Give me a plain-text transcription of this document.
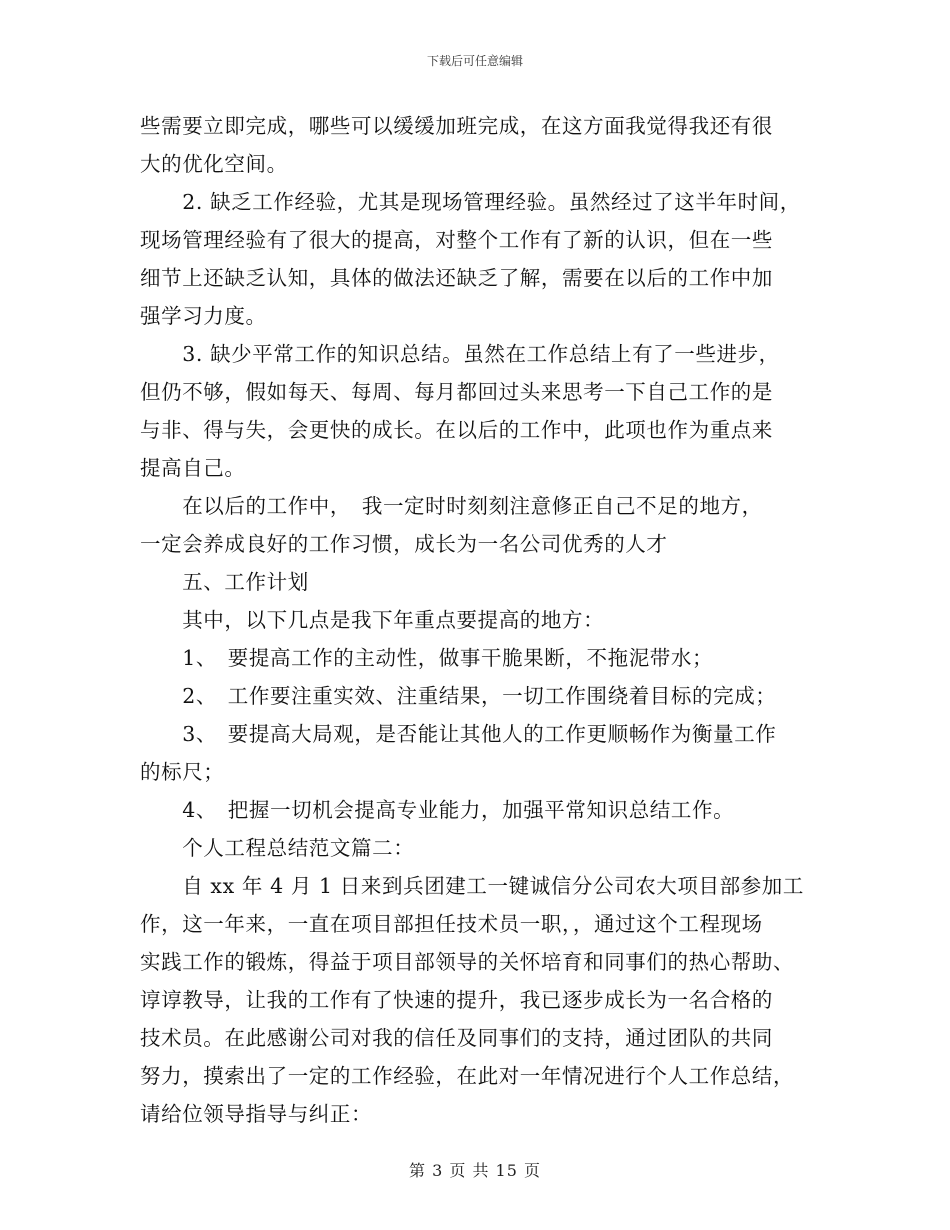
下载后可任意编辑
些需要立即完成，哪些可以缓缓加班完成，在这方面我觉得我还有很
大的优化空间。
　　2. 缺乏工作经验，尤其是现场管理经验。虽然经过了这半年时间，
现场管理经验有了很大的提高，对整个工作有了新的认识，但在一些
细节上还缺乏认知，具体的做法还缺乏了解，需要在以后的工作中加
强学习力度。
　　3. 缺少平常工作的知识总结。虽然在工作总结上有了一些进步，
但仍不够，假如每天、每周、每月都回过头来思考一下自己工作的是
与非、得与失，会更快的成长。在以后的工作中，此项也作为重点来
提高自己。
　　在以后的工作中，　我一定时时刻刻注意修正自己不足的地方，
一定会养成良好的工作习惯，成长为一名公司优秀的人才
　　五、工作计划
　　其中，以下几点是我下年重点要提高的地方：
　　1、　要提高工作的主动性，做事干脆果断，不拖泥带水；
　　2、　工作要注重实效、注重结果，一切工作围绕着目标的完成；
　　3、　要提高大局观，是否能让其他人的工作更顺畅作为衡量工作
的标尺；
　　4、　把握一切机会提高专业能力，加强平常知识总结工作。
　　个人工程总结范文篇二：
　　自 xx 年 4 月 1 日来到兵团建工一键诚信分公司农大项目部参加工
作，这一年来，一直在项目部担任技术员一职，，通过这个工程现场
实践工作的锻炼，得益于项目部领导的关怀培育和同事们的热心帮助、
谆谆教导，让我的工作有了快速的提升，我已逐步成长为一名合格的
技术员。在此感谢公司对我的信任及同事们的支持，通过团队的共同
努力，摸索出了一定的工作经验，在此对一年情况进行个人工作总结，
请给位领导指导与纠正：
第 3 页 共 15 页
